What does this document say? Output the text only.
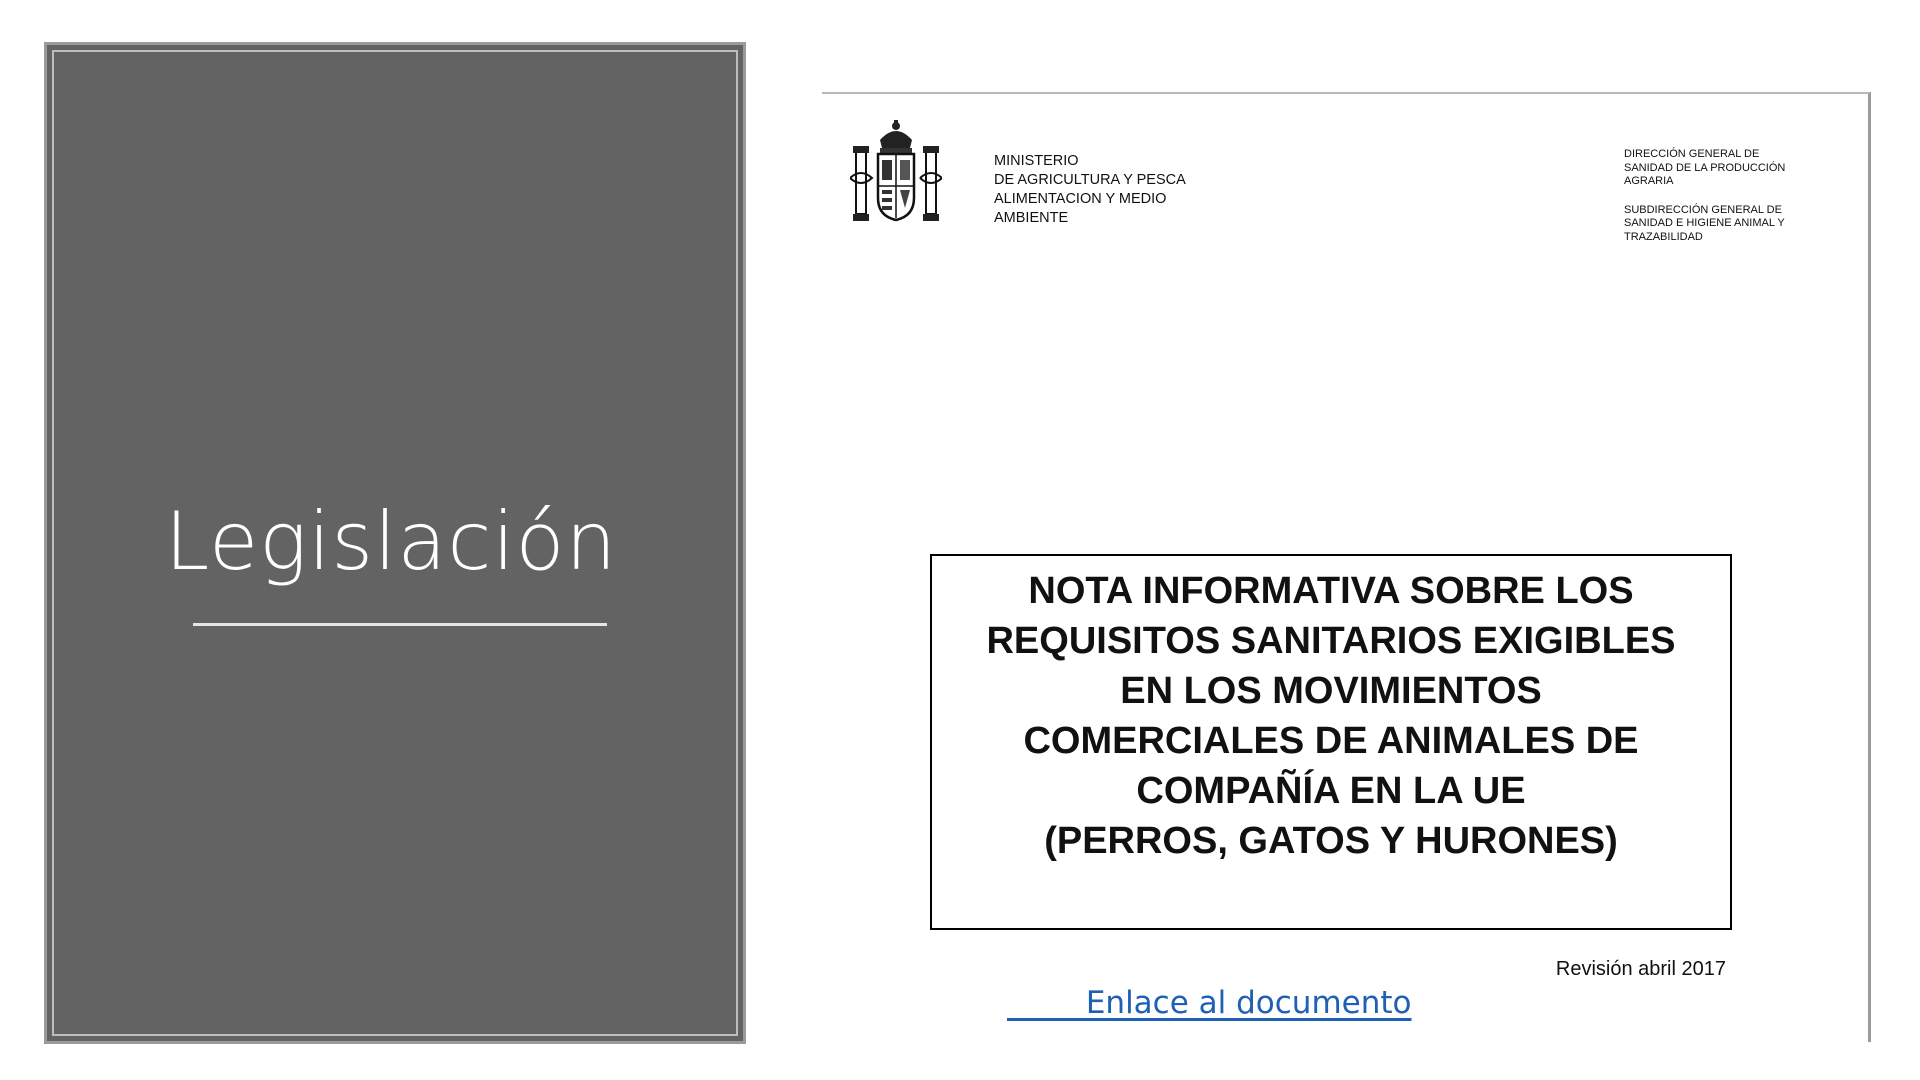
Legislación
MINISTERIO
DE AGRICULTURA Y PESCA
ALIMENTACION Y MEDIO
AMBIENTE
DIRECCIÓN GENERAL DE
SANIDAD DE LA PRODUCCIÓN
AGRARIA
SUBDIRECCIÓN GENERAL DE
SANIDAD E HIGIENE ANIMAL Y
TRAZABILIDAD
NOTA INFORMATIVA SOBRE LOS
REQUISITOS SANITARIOS EXIGIBLES
EN LOS MOVIMIENTOS
COMERCIALES DE ANIMALES DE
COMPAÑÍA EN LA UE
(PERROS, GATOS Y HURONES)
Revisión abril 2017
Enlace al documento
